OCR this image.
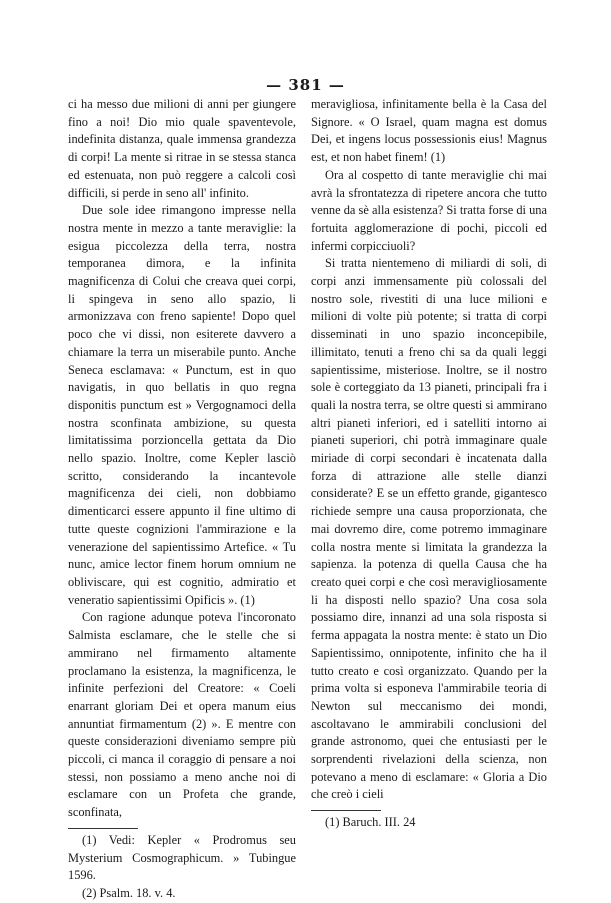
— 381 —

ci ha messo due milioni di anni per giungere fino a noi! Dio mio quale spaventevole, indefinita distanza, quale immensa grandezza di corpi! La mente si ritrae in se stessa stanca ed estenuata, non può reggere a calcoli così difficili, si perde in seno all' infinito.

Due sole idee rimangono impresse nella nostra mente in mezzo a tante meraviglie: la esigua piccolezza della terra, nostra temporanea dimora, e la infinita magnificenza di Colui che creava quei corpi, li spingeva in seno allo spazio, li armonizzava con freno sapiente! Dopo quel poco che vi dissi, non esiterete davvero a chiamare la terra un miserabile punto. Anche Seneca esclamava: « Punctum, est in quo navigatis, in quo bellatis in quo regna disponitis punctum est » Vergognamoci della nostra sconfinata ambizione, su questa limitatissima porzioncella gettata da Dio nello spazio. Inoltre, come Kepler lasciò scritto, considerando la incantevole magnificenza dei cieli, non dobbiamo dimenticarci essere appunto il fine ultimo di tutte queste cognizioni l'ammirazione e la venerazione del sapientissimo Artefice. « Tu nunc, amice lector finem horum omnium ne obliviscare, qui est cognitio, admiratio et veneratio sapientissimi Opificis ». (1)

Con ragione adunque poteva l'incoronato Salmista esclamare, che le stelle che si ammirano nel firmamento altamente proclamano la esistenza, la magnificenza, le infinite perfezioni del Creatore: « Coeli enarrant gloriam Dei et opera manum eius annuntiat firmamentum (2) ». E mentre con queste considerazioni diveniamo sempre più piccoli, ci manca il coraggio di pensare a noi stessi, non possiamo a meno anche noi di esclamare con un Profeta che grande, sconfinata,

(1) Vedi: Kepler « Prodromus seu Mysterium Cosmographicum. » Tubingue 1596.

(2) Psalm. 18. v. 4.

meravigliosa, infinitamente bella è la Casa del Signore. « O Israel, quam magna est domus Dei, et ingens locus possessionis eius! Magnus est, et non habet finem! (1)

Ora al cospetto di tante meraviglie chi mai avrà la sfrontatezza di ripetere ancora che tutto venne da sè alla esistenza? Si tratta forse di una fortuita agglomerazione di pochi, piccoli ed infermi corpicciuoli?

Si tratta nientemeno di miliardi di soli, di corpi anzi immensamente più colossali del nostro sole, rivestiti di una luce milioni e milioni di volte più potente; si tratta di corpi disseminati in uno spazio inconcepibile, illimitato, tenuti a freno chi sa da quali leggi sapientissime, misteriose. Inoltre, se il nostro sole è corteggiato da 13 pianeti, principali fra i quali la nostra terra, se oltre questi si ammirano altri pianeti inferiori, ed i satelliti intorno ai pianeti superiori, chi potrà immaginare quale miriade di corpi secondari è incatenata dalla forza di attrazione alle stelle dianzi considerate? E se un effetto grande, gigantesco richiede sempre una causa proporzionata, che mai dovremo dire, come potremo immaginare colla nostra mente si limitata la grandezza la sapienza. la potenza di quella Causa che ha creato quei corpi e che così meravigliosamente li ha disposti nello spazio? Una cosa sola possiamo dire, innanzi ad una sola risposta si ferma appagata la nostra mente: è stato un Dio Sapientissimo, onnipotente, infinito che ha il tutto creato e così organizzato. Quando per la prima volta si esponeva l'ammirabile teoria di Newton sul meccanismo dei mondi, ascoltavano le ammirabili conclusioni del grande astronomo, quei che entusiasti per le sorprendenti rivelazioni della scienza, non potevano a meno di esclamare: « Gloria a Dio che creò i cieli

(1) Baruch. III. 24
